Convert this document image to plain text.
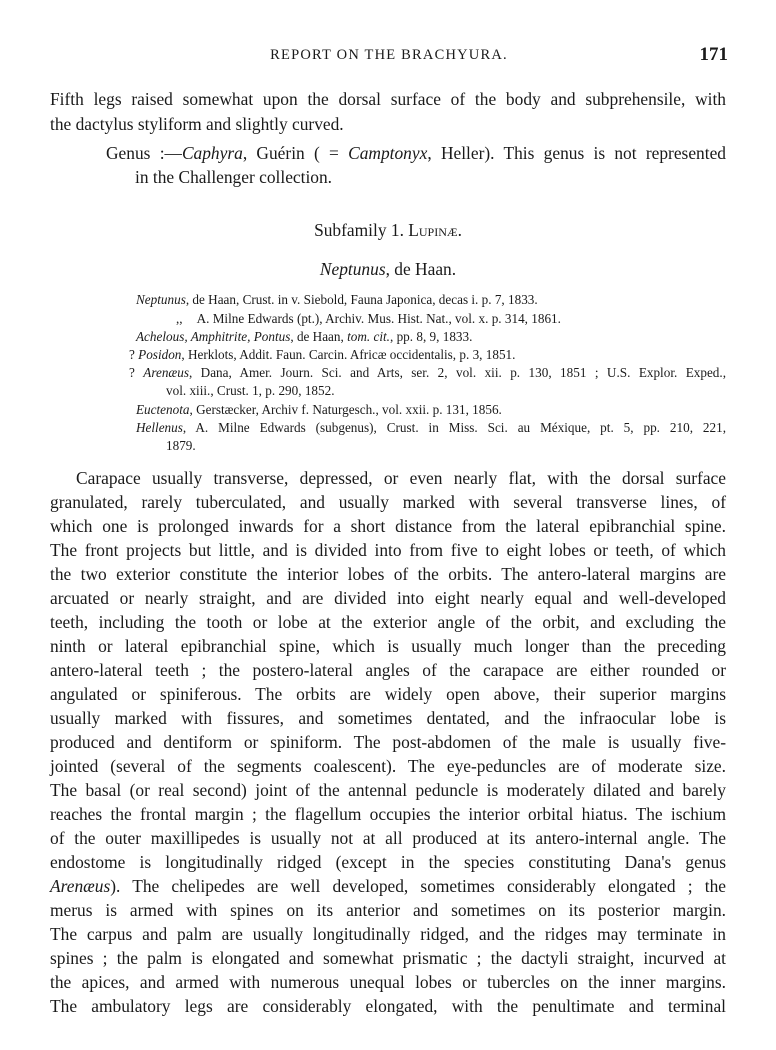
REPORT ON THE BRACHYURA.	171
Fifth legs raised somewhat upon the dorsal surface of the body and subprehensile, with
the dactylus styliform and slightly curved.
Genus :—Caphyra, Guérin ( = Camptonyx, Heller). This genus is not represented
in the Challenger collection.
Subfamily 1. Lupinæ.
Neptunus, de Haan.
Neptunus, de Haan, Crust. in v. Siebold, Fauna Japonica, decas i. p. 7, 1833.
,, A. Milne Edwards (pt.), Archiv. Mus. Hist. Nat., vol. x. p. 314, 1861.
Achelous, Amphitrite, Pontus, de Haan, tom. cit., pp. 8, 9, 1833.
? Posidon, Herklots, Addit. Faun. Carcin. Africæ occidentalis, p. 3, 1851.
? Arenæus, Dana, Amer. Journ. Sci. and Arts, ser. 2, vol. xii. p. 130, 1851 ; U.S. Explor. Exped.,
vol. xiii., Crust. 1, p. 290, 1852.
Euctenota, Gerstæcker, Archiv f. Naturgesch., vol. xxii. p. 131, 1856.
Hellenus, A. Milne Edwards (subgenus), Crust. in Miss. Sci. au Méxique, pt. 5, pp. 210, 221,
1879.
Carapace usually transverse, depressed, or even nearly flat, with the dorsal surface
granulated, rarely tuberculated, and usually marked with several transverse lines, of
which one is prolonged inwards for a short distance from the lateral epibranchial spine.
The front projects but little, and is divided into from five to eight lobes or teeth, of which
the two exterior constitute the interior lobes of the orbits. The antero-lateral margins are
arcuated or nearly straight, and are divided into eight nearly equal and well-developed
teeth, including the tooth or lobe at the exterior angle of the orbit, and excluding the
ninth or lateral epibranchial spine, which is usually much longer than the preceding
antero-lateral teeth ; the postero-lateral angles of the carapace are either rounded or
angulated or spiniferous. The orbits are widely open above, their superior margins
usually marked with fissures, and sometimes dentated, and the infraocular lobe is
produced and dentiform or spiniform. The post-abdomen of the male is usually five-
jointed (several of the segments coalescent). The eye-peduncles are of moderate size.
The basal (or real second) joint of the antennal peduncle is moderately dilated and barely
reaches the frontal margin ; the flagellum occupies the interior orbital hiatus. The ischium
of the outer maxillipedes is usually not at all produced at its antero-internal angle. The
endostome is longitudinally ridged (except in the species constituting Dana's genus
Arenæus). The chelipedes are well developed, sometimes considerably elongated ; the
merus is armed with spines on its anterior and sometimes on its posterior margin.
The carpus and palm are usually longitudinally ridged, and the ridges may terminate in
spines ; the palm is elongated and somewhat prismatic ; the dactyli straight, incurved at
the apices, and armed with numerous unequal lobes or tubercles on the inner margins.
The ambulatory legs are considerably elongated, with the penultimate and terminal
